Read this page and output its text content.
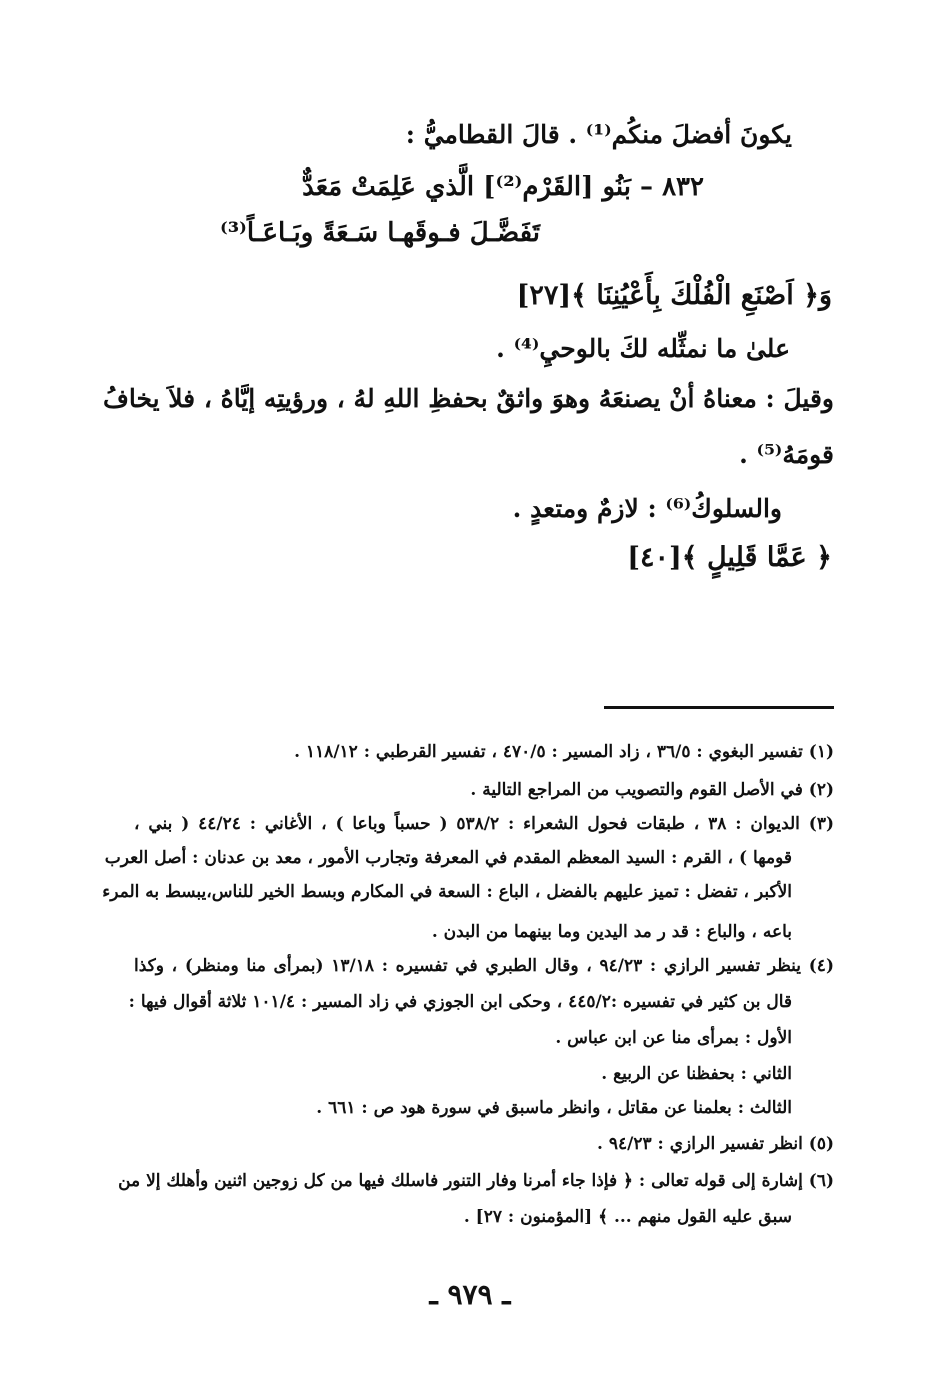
يكونَ أفضلَ منكُم⁽¹⁾ . قالَ القطاميُّ :
٨٣٢ – بَنُو [القَرْم⁽²⁾] الَّذي عَلِمَتْ مَعَدٌّ
تَفَضَّـلَ فـوقَهـا سَـعَةً وبَـاعَـاً⁽³⁾
وَ﴿ اَصْنَعِ الْفُلْكَ بِأَعْيُنِنَا ﴾[٢٧]
علىٰ ما نمثِّله لكَ بالوحيِ⁽⁴⁾ .
وقيلَ : معناهُ أنْ يصنعَهُ وهوَ واثقٌ بحفظِ اللهِ لهُ ، ورؤيتِه إيَّاهُ ، فلاَ يخافُ
قومَهُ⁽⁵⁾ .
والسلوكُ⁽⁶⁾ : لازمٌ ومتعدٍ .
﴿ عَمَّا قَلِيلٍ ﴾[٤٠]
(١) تفسير البغوي : ٣٦/٥ ، زاد المسير : ٤٧٠/٥ ، تفسير القرطبي : ١١٨/١٢ .
(٢) في الأصل القوم والتصويب من المراجع التالية .
(٣) الديوان : ٣٨ ، طبقات فحول الشعراء : ٥٣٨/٢ ( حسباً وباعا ) ، الأغاني : ٤٤/٢٤ ( بني ،
قومها ) ، القرم : السيد المعظم المقدم في المعرفة وتجارب الأمور ، معد بن عدنان : أصل العرب
الأكبر ، تفضل : تميز عليهم بالفضل ، الباع : السعة في المكارم وبسط الخير للناس،يبسط به المرء
باعه ، والباع : قد ر مد اليدين وما بينهما من البدن .
(٤) ينظر تفسير الرازي : ٩٤/٢٣ ، وقال الطبري في تفسيره : ١٣/١٨ (بمرأى منا ومنظر) ، وكذا
قال بن كثير في تفسيره :٤٤٥/٢ ، وحكى ابن الجوزي في زاد المسير : ١٠١/٤ ثلاثة أقوال فيها :
الأول : بمرأى منا عن ابن عباس .
الثاني : بحفظنا عن الربيع .
الثالث : بعلمنا عن مقاتل ، وانظر ماسبق في سورة هود ص : ٦٦١ .
(٥) انظر تفسير الرازي : ٩٤/٢٣ .
(٦) إشارة إلى قوله تعالى : ﴿ فإذا جاء أمرنا وفار التنور فاسلك فيها من كل زوجين اثنين وأهلك إلا من
سبق عليه القول منهم ... ﴾ [المؤمنون : ٢٧] .
ـ ٩٧٩ ـ
